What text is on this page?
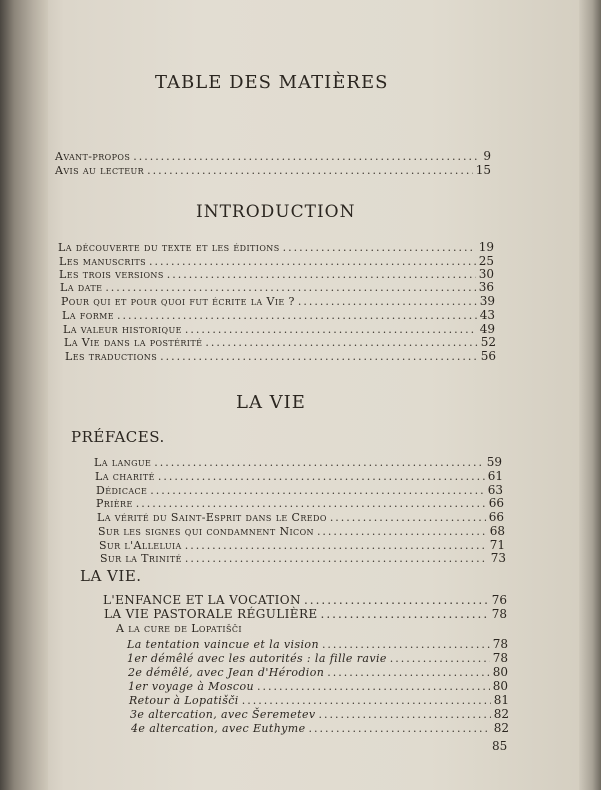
TABLE DES MATIÈRES
Avant-propos .....	9
Avis au lecteur .....	15
INTRODUCTION
La découverte du texte et les éditions .....	19
Les manuscrits .....	25
Les trois versions .....	30
La date .....	36
Pour qui et pour quoi fut écrite la Vie ? .....	39
La forme .....	43
La valeur historique .....	49
La Vie dans la postérité .....	52
Les traductions .....	56
LA VIE
PRÉFACES.
La langue .....	59
La charité .....	61
Dédicace .....	63
Prière .....	66
La vérité du Saint-Esprit dans le Credo .....	66
Sur les signes qui condamnent Nicon .....	68
Sur l'Alleluia .....	71
Sur la Trinité .....	73
LA VIE.
L'ENFANCE ET LA VOCATION .....	76
LA VIE PASTORALE RÉGULIÈRE .....	78
A la cure de Lopatišči
La tentation vaincue et la vision .....	78
1er démêlé avec les autorités : la fille ravie .....	78
2e démêlé, avec Jean d'Hérodion .....	80
1er voyage à Moscou .....	80
Retour à Lopatišči .....	81
3e altercation, avec Šeremetev .....	82
4e altercation, avec Euthyme .....	82
85
